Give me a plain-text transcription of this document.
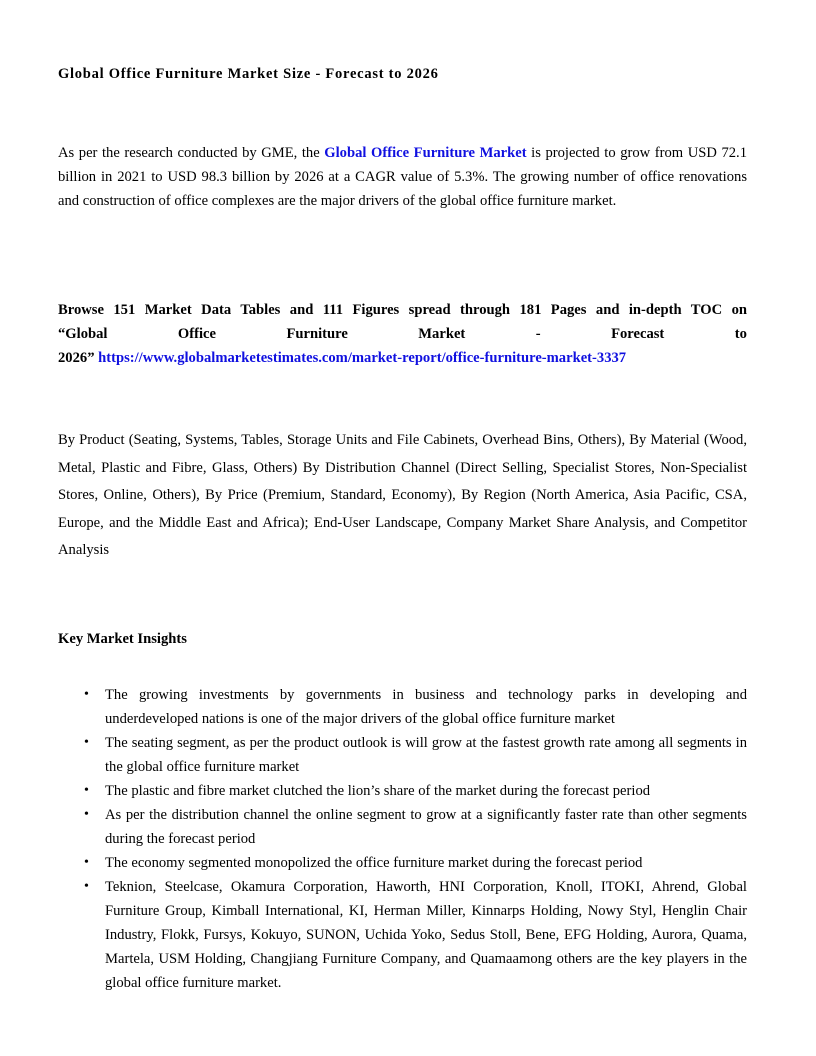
Global Office Furniture Market Size - Forecast to 2026

As per the research conducted by GME, the Global Office Furniture Market is projected to grow from USD 72.1 billion in 2021 to USD 98.3 billion by 2026 at a CAGR value of 5.3%. The growing number of office renovations and construction of office complexes are the major drivers of the global office furniture market.

Browse 151 Market Data Tables and 111 Figures spread through 181 Pages and in-depth TOC on
“Global	Office	Furniture	Market	-	Forecast	to
2026” https://www.globalmarketestimates.com/market-report/office-furniture-market-3337

By Product (Seating, Systems, Tables, Storage Units and File Cabinets, Overhead Bins, Others), By Material (Wood, Metal, Plastic and Fibre, Glass, Others) By Distribution Channel (Direct Selling, Specialist Stores, Non-Specialist Stores, Online, Others), By Price (Premium, Standard, Economy), By Region (North America, Asia Pacific, CSA, Europe, and the Middle East and Africa); End-User Landscape, Company Market Share Analysis, and Competitor Analysis

Key Market Insights
• The growing investments by governments in business and technology parks in developing and underdeveloped nations is one of the major drivers of the global office furniture market
• The seating segment, as per the product outlook is will grow at the fastest growth rate among all segments in the global office furniture market
• The plastic and fibre market clutched the lion’s share of the market during the forecast period
• As per the distribution channel the online segment to grow at a significantly faster rate than other segments during the forecast period
• The economy segmented monopolized the office furniture market during the forecast period
• Teknion, Steelcase, Okamura Corporation, Haworth, HNI Corporation, Knoll, ITOKI, Ahrend, Global Furniture Group, Kimball International, KI, Herman Miller, Kinnarps Holding, Nowy Styl, Henglin Chair Industry, Flokk, Fursys, Kokuyo, SUNON, Uchida Yoko, Sedus Stoll, Bene, EFG Holding, Aurora, Quama, Martela, USM Holding, Changjiang Furniture Company, and Quamaamong others are the key players in the global office furniture market.
